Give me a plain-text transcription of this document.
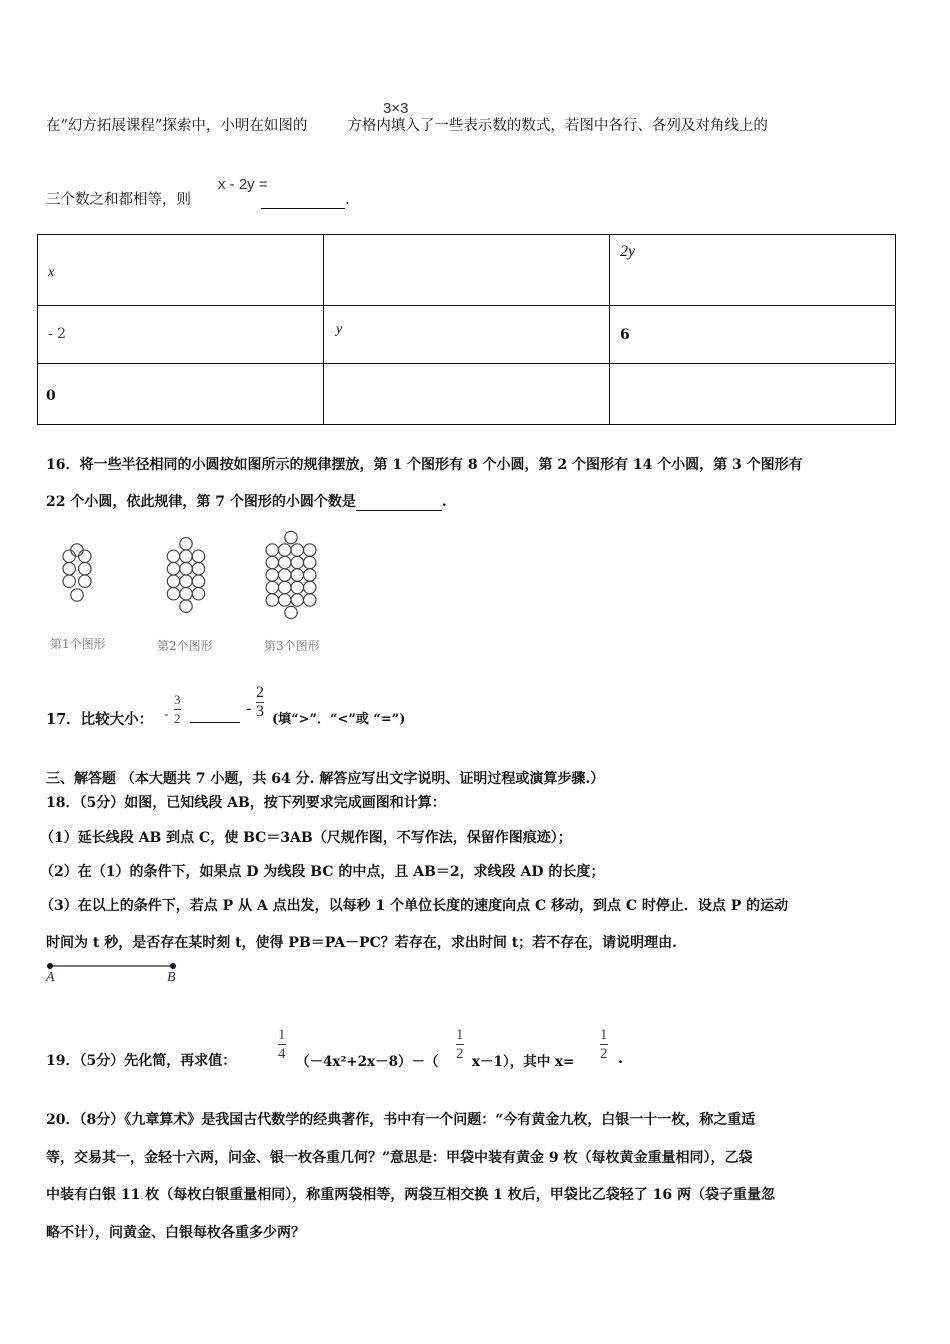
在“幻方拓展课程”探索中，小明在如图的	方格内填入了一些表示数的数式，若图中各行、各列及对角线上的
3×3
三个数之和都相等，则	.
x - 2y =
x		2y

- 2	y	6

0		

16．将一些半径相同的小圆按如图所示的规律摆放，第 1 个图形有 8 个小圆，第 2 个图形有 14 个小圆，第 3 个图形有
22 个小圆，依此规律，第 7 个图形的小圆个数是	.
第1个图形	第2个图形	第3个图形
17．比较大小： - $\frac{3}{2}$	- $\frac{2}{3}$ (填“>”．“<”或 “=”)
三、解答题 （本大题共 7 小题，共 64 分. 解答应写出文字说明、证明过程或演算步骤.）
18．（5分）如图，已知线段 AB，按下列要求完成画图和计算：
（1）延长线段 AB 到点 C，使 BC＝3AB（尺规作图，不写作法，保留作图痕迹）；
（2）在（1）的条件下，如果点 D 为线段 BC 的中点，且 AB＝2，求线段 AD 的长度；
（3）在以上的条件下，若点 P 从 A 点出发，以每秒 1 个单位长度的速度向点 C 移动，到点 C 时停止．设点 P 的运动
时间为 t 秒，是否存在某时刻 t，使得 PB＝PA－PC？若存在，求出时间 t；若不存在，请说明理由.
A	B
19．（5分）先化简，再求值：
1
4 （－4x²+2x－8）－（
1
2 x－1），其中 x=
1
2 .
20．（8分）《九章算术》是我国古代数学的经典著作，书中有一个问题：“今有黄金九枚，白银一十一枚，称之重适
等，交易其一，金轻十六两，问金、银一枚各重几何？”意思是：甲袋中装有黄金 9 枚（每枚黄金重量相同），乙袋
中装有白银 11 枚（每枚白银重量相同），称重两袋相等，两袋互相交换 1 枚后，甲袋比乙袋轻了 16 两（袋子重量忽
略不计），问黄金、白银每枚各重多少两？
